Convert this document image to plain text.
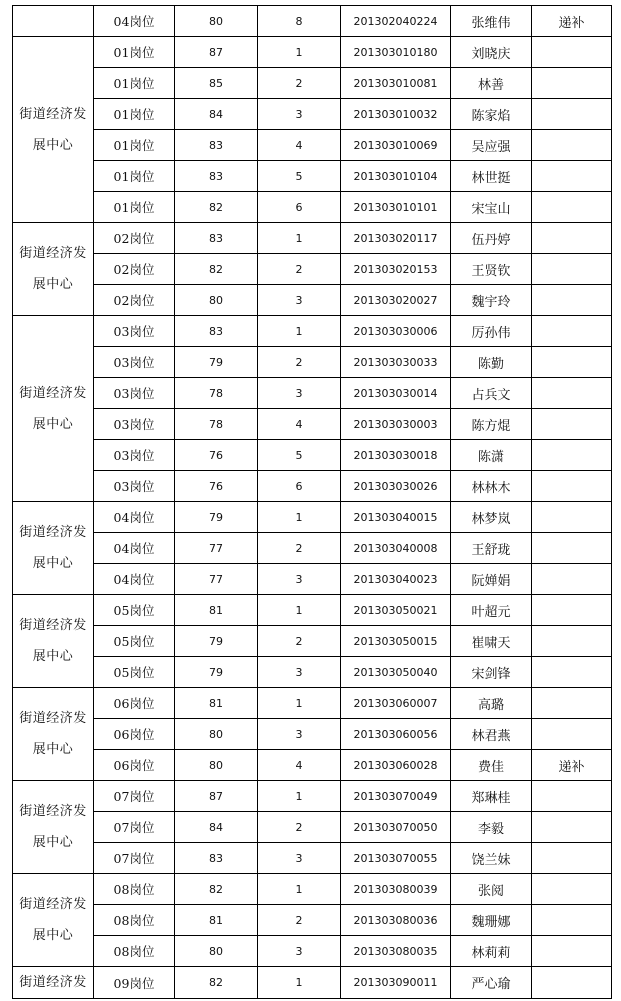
	04岗位	80	8	201302040224	张维伟	递补

街道经济发
展中心	01岗位	87	1	201303010180	刘晓庆	
	01岗位	85	2	201303010081	林善	
	01岗位	84	3	201303010032	陈家焰	
	01岗位	83	4	201303010069	吴应强	
	01岗位	83	5	201303010104	林世挺	
	01岗位	82	6	201303010101	宋宝山	

街道经济发
展中心	02岗位	83	1	201303020117	伍丹婷	
	02岗位	82	2	201303020153	王贤钦	
	02岗位	80	3	201303020027	魏宇玲	

街道经济发
展中心	03岗位	83	1	201303030006	厉孙伟	
	03岗位	79	2	201303030033	陈勤	
	03岗位	78	3	201303030014	占兵文	
	03岗位	78	4	201303030003	陈方焜	
	03岗位	76	5	201303030018	陈潇	
	03岗位	76	6	201303030026	林林木	

街道经济发
展中心	04岗位	79	1	201303040015	林梦岚	
	04岗位	77	2	201303040008	王舒珑	
	04岗位	77	3	201303040023	阮婵娟	

街道经济发
展中心	05岗位	81	1	201303050021	叶超元	
	05岗位	79	2	201303050015	崔啸天	
	05岗位	79	3	201303050040	宋剑锋	

街道经济发
展中心	06岗位	81	1	201303060007	高璐	
	06岗位	80	3	201303060056	林君燕	
	06岗位	80	4	201303060028	费佳	递补

街道经济发
展中心	07岗位	87	1	201303070049	郑琳桂	
	07岗位	84	2	201303070050	李毅	
	07岗位	83	3	201303070055	饶兰妹	

街道经济发
展中心	08岗位	82	1	201303080039	张阅	
	08岗位	81	2	201303080036	魏珊娜	
	08岗位	80	3	201303080035	林莉莉	

街道经济发	09岗位	82	1	201303090011	严心瑜	
